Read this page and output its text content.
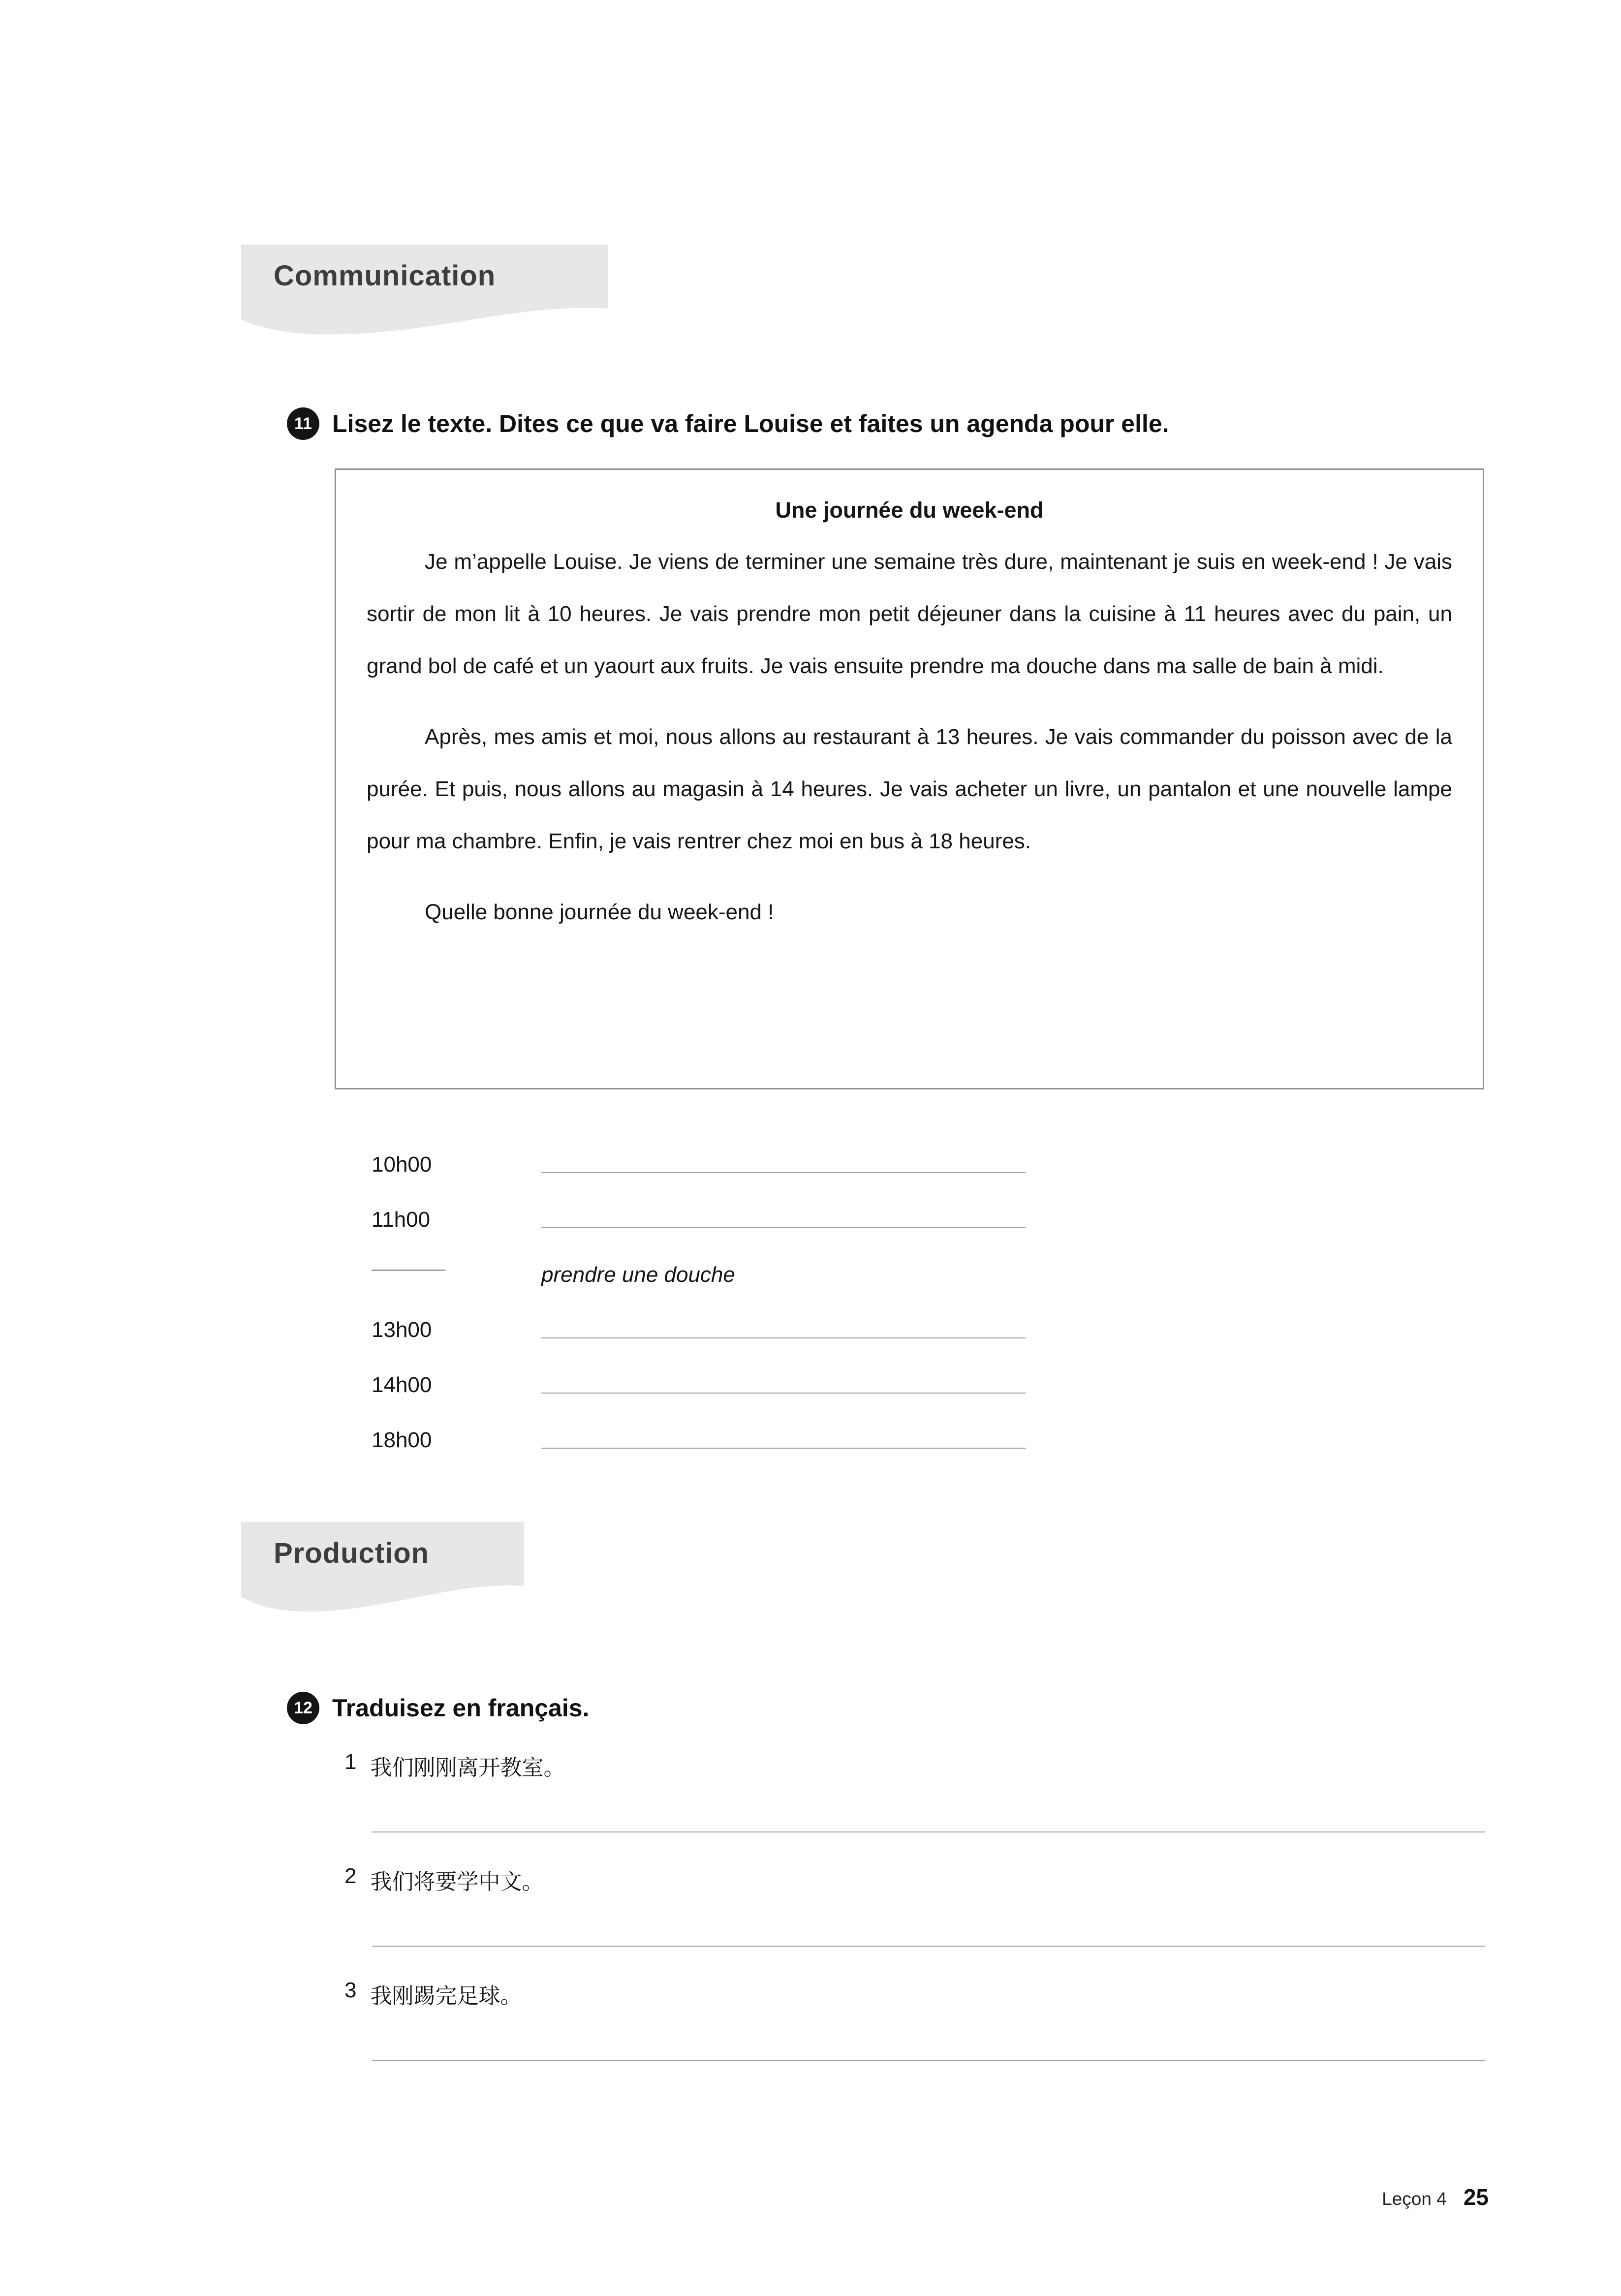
Communication
11 Lisez le texte. Dites ce que va faire Louise et faites un agenda pour elle.
Une journée du week-end

Je m’appelle Louise. Je viens de terminer une semaine très dure, maintenant je suis en week-end ! Je vais sortir de mon lit à 10 heures. Je vais prendre mon petit déjeuner dans la cuisine à 11 heures avec du pain, un grand bol de café et un yaourt aux fruits. Je vais ensuite prendre ma douche dans ma salle de bain à midi.

Après, mes amis et moi, nous allons au restaurant à 13 heures. Je vais commander du poisson avec de la purée. Et puis, nous allons au magasin à 14 heures. Je vais acheter un livre, un pantalon et une nouvelle lampe pour ma chambre. Enfin, je vais rentrer chez moi en bus à 18 heures.

Quelle bonne journée du week-end !

10h00
11h00
prendre une douche
13h00
14h00
18h00
Production
12 Traduisez en français.
1 我们刚刚离开教室。
2 我们将要学中文。
3 我刚踢完足球。
Leçon 4 25
